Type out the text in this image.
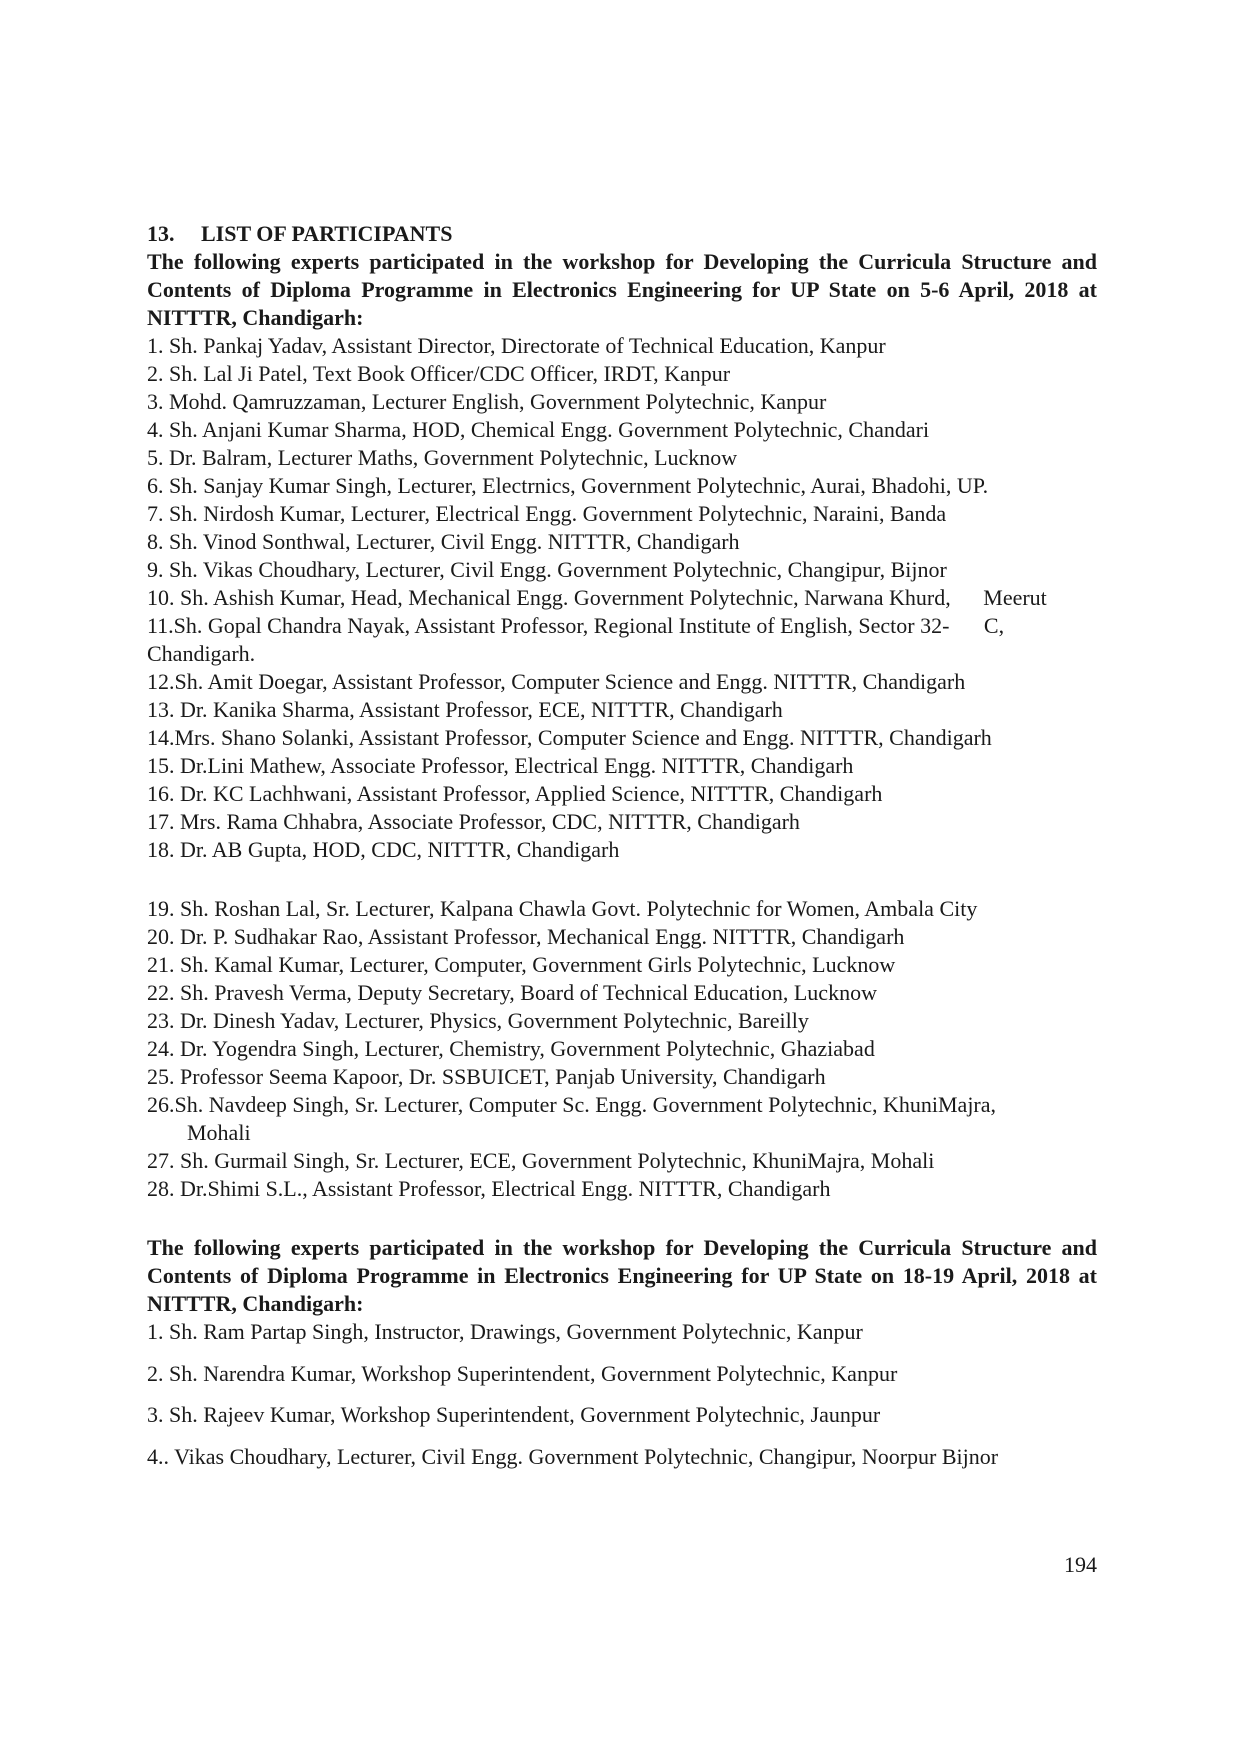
13. LIST OF PARTICIPANTS

The following experts participated in the workshop for Developing the Curricula Structure and Contents of Diploma Programme in Electronics Engineering for UP State on 5-6 April, 2018 at NITTTR, Chandigarh:

1. Sh. Pankaj Yadav, Assistant Director, Directorate of Technical Education, Kanpur
2. Sh. Lal Ji Patel, Text Book Officer/CDC Officer, IRDT, Kanpur
3. Mohd. Qamruzzaman, Lecturer English, Government Polytechnic, Kanpur
4. Sh. Anjani Kumar Sharma, HOD, Chemical Engg. Government Polytechnic, Chandari
5. Dr. Balram, Lecturer Maths, Government Polytechnic, Lucknow
6. Sh. Sanjay Kumar Singh, Lecturer, Electrnics, Government Polytechnic, Aurai, Bhadohi, UP.
7. Sh. Nirdosh Kumar, Lecturer, Electrical Engg. Government Polytechnic, Naraini, Banda
8. Sh. Vinod Sonthwal, Lecturer, Civil Engg. NITTTR, Chandigarh
9. Sh. Vikas Choudhary, Lecturer, Civil Engg. Government Polytechnic, Changipur, Bijnor
10. Sh. Ashish Kumar, Head, Mechanical Engg. Government Polytechnic, Narwana Khurd, Meerut
11.Sh. Gopal Chandra Nayak, Assistant Professor, Regional Institute of English, Sector 32- C, Chandigarh.
12.Sh. Amit Doegar, Assistant Professor, Computer Science and Engg. NITTTR, Chandigarh
13. Dr. Kanika Sharma, Assistant Professor, ECE, NITTTR, Chandigarh
14.Mrs. Shano Solanki, Assistant Professor, Computer Science and Engg. NITTTR, Chandigarh
15. Dr.Lini Mathew, Associate Professor, Electrical Engg. NITTTR, Chandigarh
16. Dr. KC Lachhwani, Assistant Professor, Applied Science, NITTTR, Chandigarh
17. Mrs. Rama Chhabra, Associate Professor, CDC, NITTTR, Chandigarh
18. Dr. AB Gupta, HOD, CDC, NITTTR, Chandigarh
19. Sh. Roshan Lal, Sr. Lecturer, Kalpana Chawla Govt. Polytechnic for Women, Ambala City
20. Dr. P. Sudhakar Rao, Assistant Professor, Mechanical Engg. NITTTR, Chandigarh
21. Sh. Kamal Kumar, Lecturer, Computer, Government Girls Polytechnic, Lucknow
22. Sh. Pravesh Verma, Deputy Secretary, Board of Technical Education, Lucknow
23. Dr. Dinesh Yadav, Lecturer, Physics, Government Polytechnic, Bareilly
24. Dr. Yogendra Singh, Lecturer, Chemistry, Government Polytechnic, Ghaziabad
25. Professor Seema Kapoor, Dr. SSBUICET, Panjab University, Chandigarh
26.Sh. Navdeep Singh, Sr. Lecturer, Computer Sc. Engg. Government Polytechnic, KhuniMajra, Mohali
27. Sh. Gurmail Singh, Sr. Lecturer, ECE, Government Polytechnic, KhuniMajra, Mohali
28. Dr.Shimi S.L., Assistant Professor, Electrical Engg. NITTTR, Chandigarh

The following experts participated in the workshop for Developing the Curricula Structure and Contents of Diploma Programme in Electronics Engineering for UP State on 18-19 April, 2018 at NITTTR, Chandigarh:

1. Sh. Ram Partap Singh, Instructor, Drawings, Government Polytechnic, Kanpur
2. Sh. Narendra Kumar, Workshop Superintendent, Government Polytechnic, Kanpur
3. Sh. Rajeev Kumar, Workshop Superintendent, Government Polytechnic, Jaunpur
4.. Vikas Choudhary, Lecturer, Civil Engg. Government Polytechnic, Changipur, Noorpur Bijnor
194
